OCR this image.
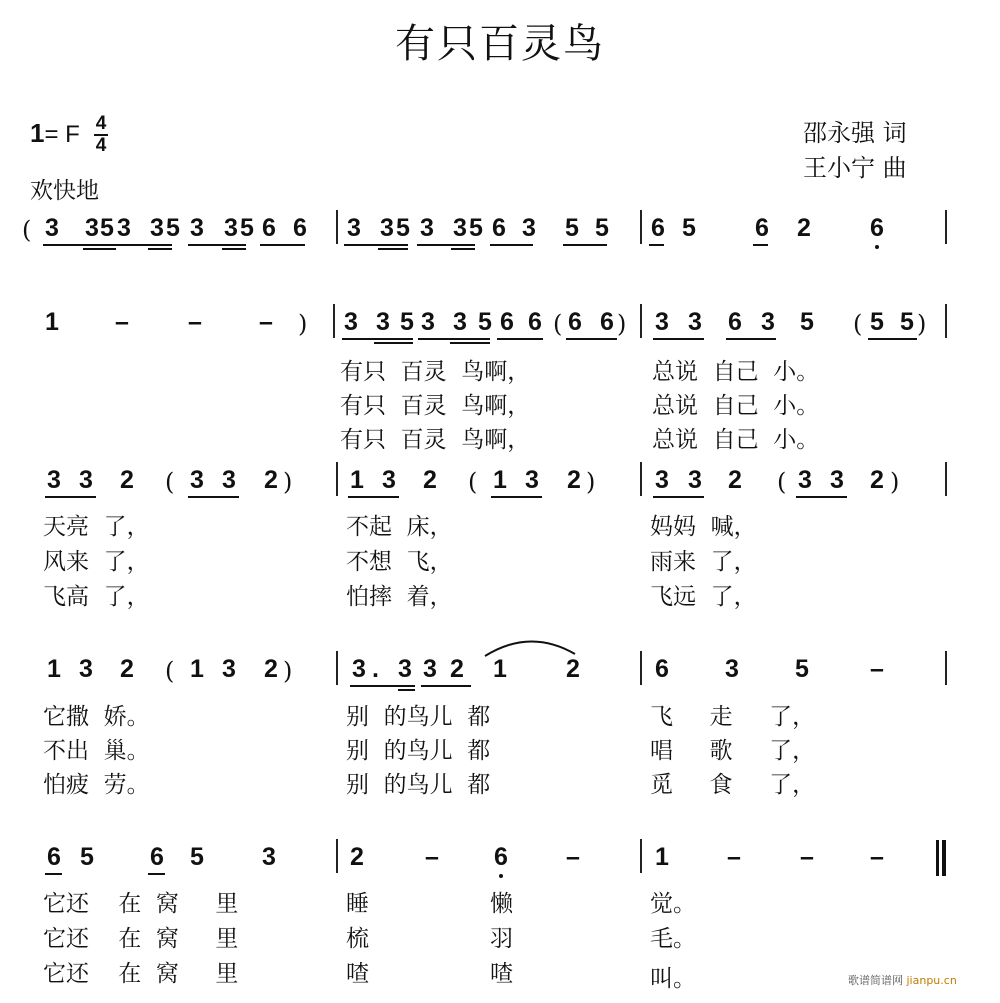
有只百灵鸟
1= F 4
4
欢快地
邵永强 词
王小宁 曲
( 3 3 5 3 3 5 3 3 5 6 6 3 3 5 3 3 5 6 3 5 5 6 5 6 2 6
1 – – – ) 3 3 5 3 3 5 6 6 ( 6 6 ) 3 3 6 3 5 ( 5 5 )
3 3 2 ( 3 3 2 ) 1 3 2 ( 1 3 2 ) 3 3 2 ( 3 3 2 )
1 3 2 ( 1 3 2 ) 3 . 3 3 2 1 2	6 3 5 –
6 5 6 5 3	2 – 6 –	1 – – –
有只  百灵  鸟啊，	总说  自己  小。
有只  百灵  鸟啊，	总说  自己  小。
有只  百灵  鸟啊，	总说  自己  小。
天亮  了，	不起  床，	妈妈  喊，
风来  了，	不想  飞，	雨来  了，
飞高  了，	怕摔  着，	飞远  了，
它撒  娇。	别  的鸟儿  都	飞     走     了，
不出  巢。	别  的鸟儿  都	唱     歌     了，
怕疲  劳。	别  的鸟儿  都	觅     食     了，
它还    在  窝     里	睡	懒	觉。
它还    在  窝     里	梳	羽	毛。
它还    在  窝     里	喳	喳	叫。	歌谱简谱网 jianpu.cn
